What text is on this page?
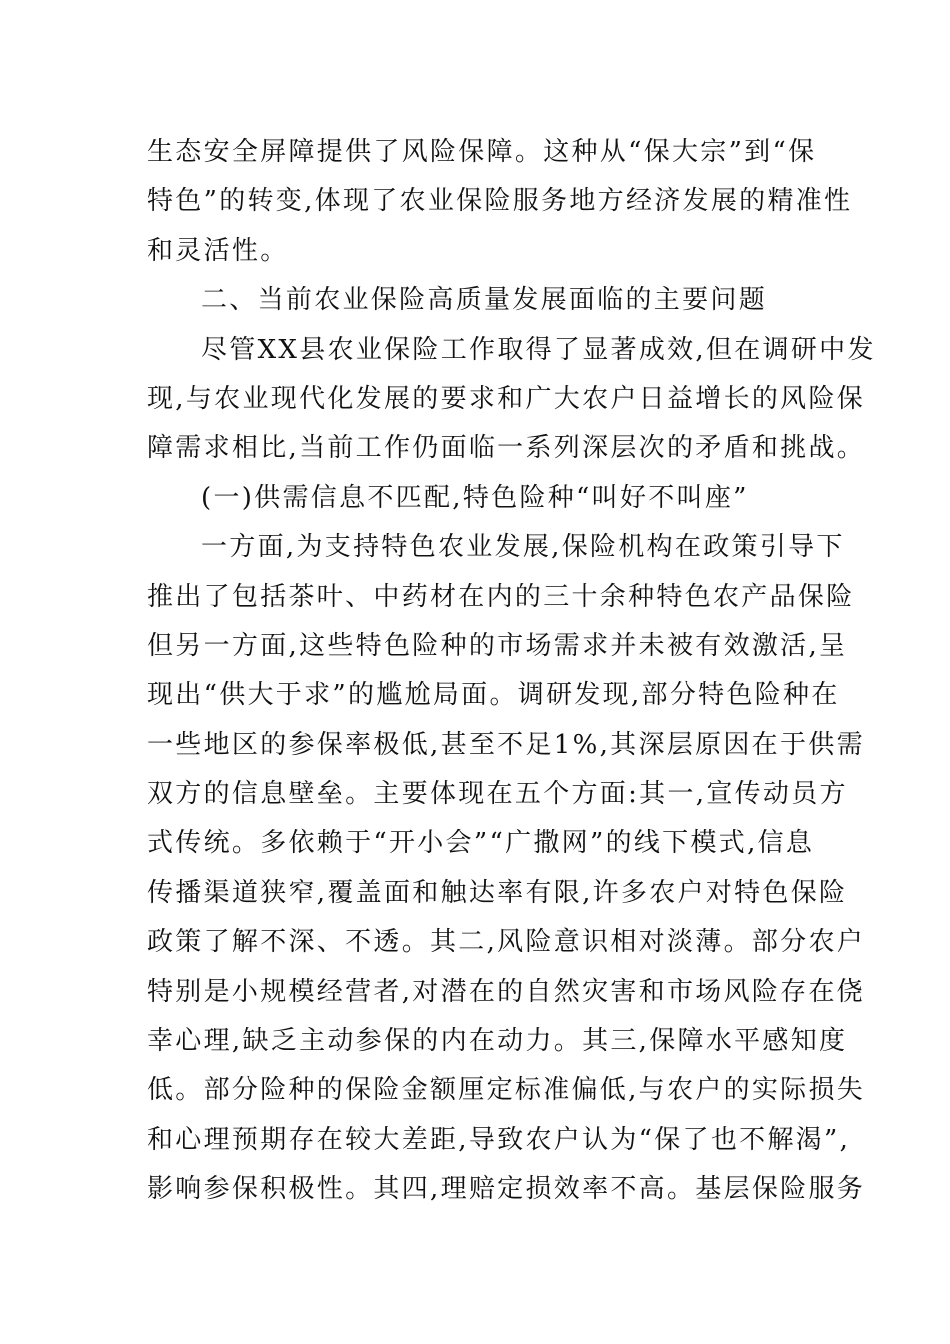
生态安全屏障提供了风险保障。这种从“保大宗”到“保
特色”的转变,体现了农业保险服务地方经济发展的精准性
和灵活性。
二、当前农业保险高质量发展面临的主要问题
尽管XX县农业保险工作取得了显著成效,但在调研中发
现,与农业现代化发展的要求和广大农户日益增长的风险保
障需求相比,当前工作仍面临一系列深层次的矛盾和挑战。
(一)供需信息不匹配,特色险种“叫好不叫座”
一方面,为支持特色农业发展,保险机构在政策引导下
推出了包括茶叶、中药材在内的三十余种特色农产品保险
但另一方面,这些特色险种的市场需求并未被有效激活,呈
现出“供大于求”的尴尬局面。调研发现,部分特色险种在
一些地区的参保率极低,甚至不足1%,其深层原因在于供需
双方的信息壁垒。主要体现在五个方面:其一,宣传动员方
式传统。多依赖于“开小会”“广撒网”的线下模式,信息
传播渠道狭窄,覆盖面和触达率有限,许多农户对特色保险
政策了解不深、不透。其二,风险意识相对淡薄。部分农户
特别是小规模经营者,对潜在的自然灾害和市场风险存在侥
幸心理,缺乏主动参保的内在动力。其三,保障水平感知度
低。部分险种的保险金额厘定标准偏低,与农户的实际损失
和心理预期存在较大差距,导致农户认为“保了也不解渴”,
影响参保积极性。其四,理赔定损效率不高。基层保险服务
